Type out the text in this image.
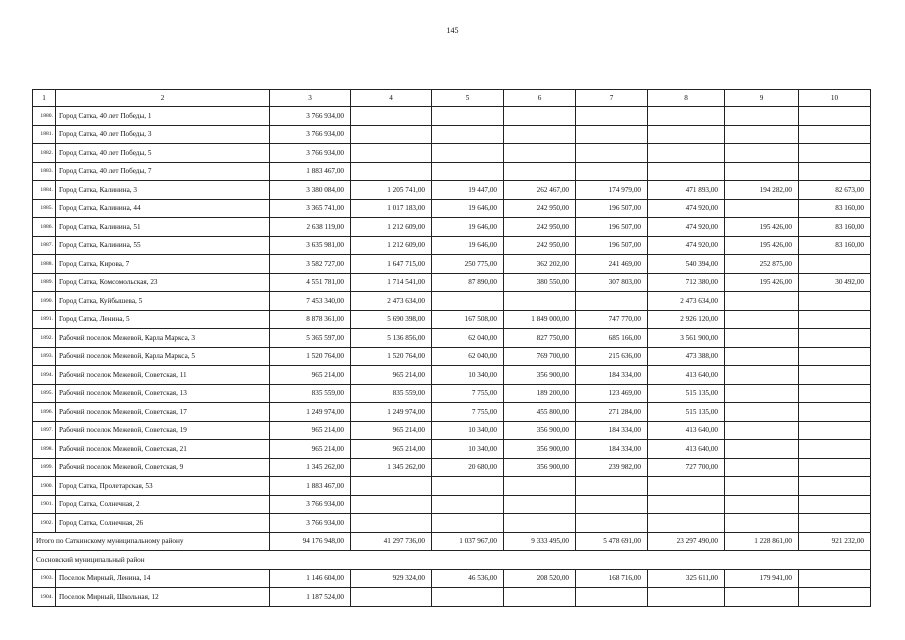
145
1	2	3	4	5	6	7	8	9	10
1880.	Город Сатка, 40 лет Победы, 1	3 766 934,00							
1881.	Город Сатка, 40 лет Победы, 3	3 766 934,00							
1882.	Город Сатка, 40 лет Победы, 5	3 766 934,00							
1883.	Город Сатка, 40 лет Победы, 7	1 883 467,00							
1884.	Город Сатка, Калинина, 3	3 380 084,00	1 205 741,00	19 447,00	262 467,00	174 979,00	471 893,00	194 282,00	82 673,00
1885.	Город Сатка, Калинина, 44	3 365 741,00	1 017 183,00	19 646,00	242 950,00	196 507,00	474 920,00		83 160,00
1886.	Город Сатка, Калинина, 51	2 638 119,00	1 212 609,00	19 646,00	242 950,00	196 507,00	474 920,00	195 426,00	83 160,00
1887.	Город Сатка, Калинина, 55	3 635 981,00	1 212 609,00	19 646,00	242 950,00	196 507,00	474 920,00	195 426,00	83 160,00
1888.	Город Сатка, Кирова, 7	3 582 727,00	1 647 715,00	250 775,00	362 202,00	241 469,00	540 394,00	252 875,00	
1889.	Город Сатка, Комсомольская, 23	4 551 781,00	1 714 541,00	87 890,00	380 550,00	307 803,00	712 380,00	195 426,00	30 492,00
1890.	Город Сатка, Куйбышева, 5	7 453 340,00	2 473 634,00				2 473 634,00		
1891.	Город Сатка, Ленина, 5	8 878 361,00	5 690 398,00	167 508,00	1 849 000,00	747 770,00	2 926 120,00		
1892.	Рабочий поселок Межевой, Карла Маркса, 3	5 365 597,00	5 136 856,00	62 040,00	827 750,00	685 166,00	3 561 900,00		
1893.	Рабочий поселок Межевой, Карла Маркса, 5	1 520 764,00	1 520 764,00	62 040,00	769 700,00	215 636,00	473 388,00		
1894.	Рабочий поселок Межевой, Советская, 11	965 214,00	965 214,00	10 340,00	356 900,00	184 334,00	413 640,00		
1895.	Рабочий поселок Межевой, Советская, 13	835 559,00	835 559,00	7 755,00	189 200,00	123 469,00	515 135,00		
1896.	Рабочий поселок Межевой, Советская, 17	1 249 974,00	1 249 974,00	7 755,00	455 800,00	271 284,00	515 135,00		
1897.	Рабочий поселок Межевой, Советская, 19	965 214,00	965 214,00	10 340,00	356 900,00	184 334,00	413 640,00		
1898.	Рабочий поселок Межевой, Советская, 21	965 214,00	965 214,00	10 340,00	356 900,00	184 334,00	413 640,00		
1899.	Рабочий поселок Межевой, Советская, 9	1 345 262,00	1 345 262,00	20 680,00	356 900,00	239 982,00	727 700,00		
1900.	Город Сатка, Пролетарская, 53	1 883 467,00							
1901.	Город Сатка, Солнечная, 2	3 766 934,00							
1902.	Город Сатка, Солнечная, 26	3 766 934,00							
Итого по Саткинскому муниципальному району		94 176 948,00	41 297 736,00	1 037 967,00	9 333 495,00	5 478 691,00	23 297 490,00	1 228 861,00	921 232,00
Сосновский муниципальный район									
1903.	Поселок Мирный, Ленина, 14	1 146 604,00	929 324,00	46 536,00	208 520,00	168 716,00	325 611,00	179 941,00	
1904.	Поселок Мирный, Школьная, 12	1 187 524,00							
